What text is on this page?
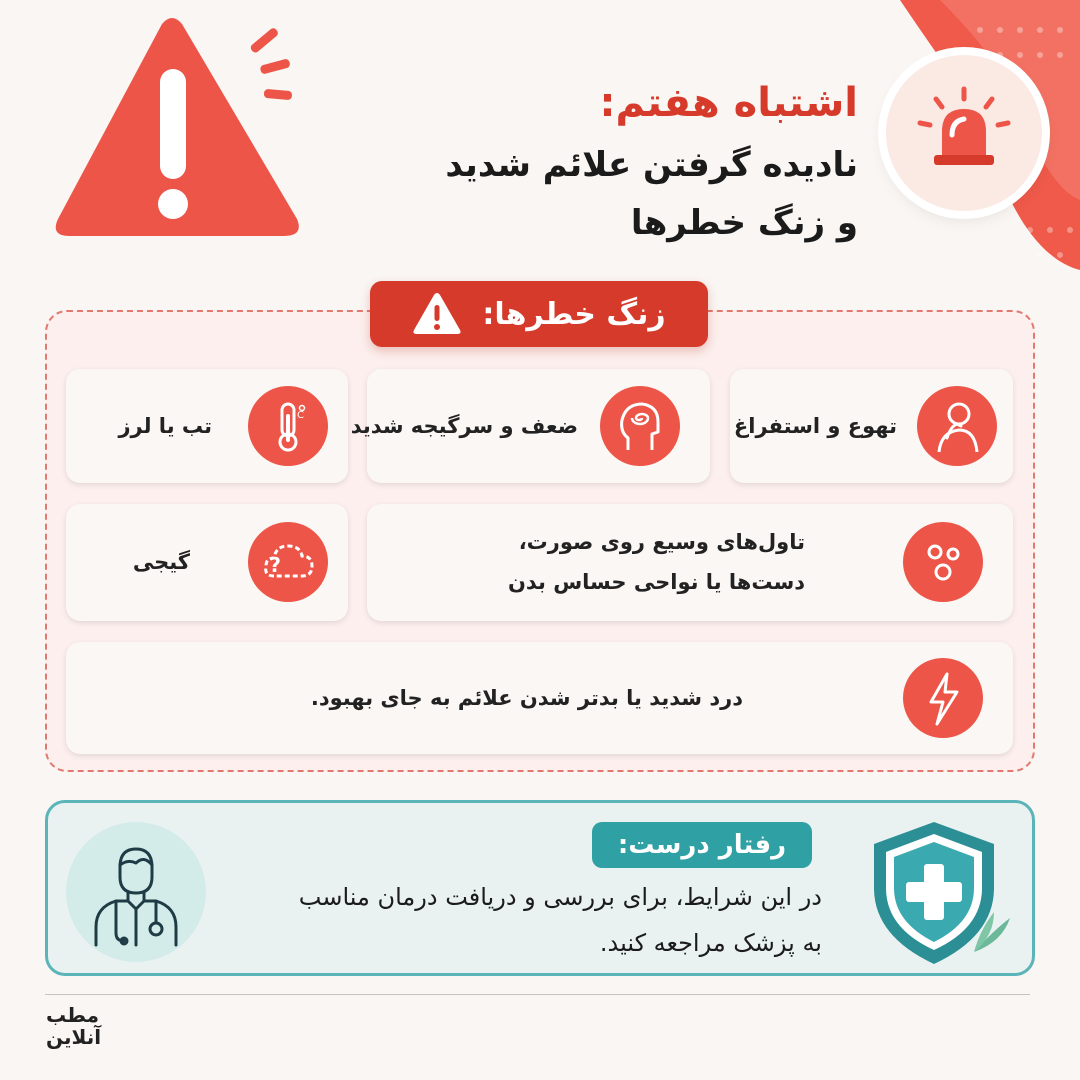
اشتباه هفتم:
نادیده گرفتن علائم شدید
و زنگ خطرها
زنگ خطرها:
تهوع و استفراغ
ضعف و سرگیجه شدید
C
تب یا لرز
تاول‌های وسیع روی صورت،
دست‌ها یا نواحی حساس بدن
?
گیجی
درد شدید یا بدتر شدن علائم به جای بهبود.
رفتار درست:
در این شرایط، برای بررسی و دریافت درمان مناسب
به پزشک مراجعه کنید.
مطب
آنلاین
